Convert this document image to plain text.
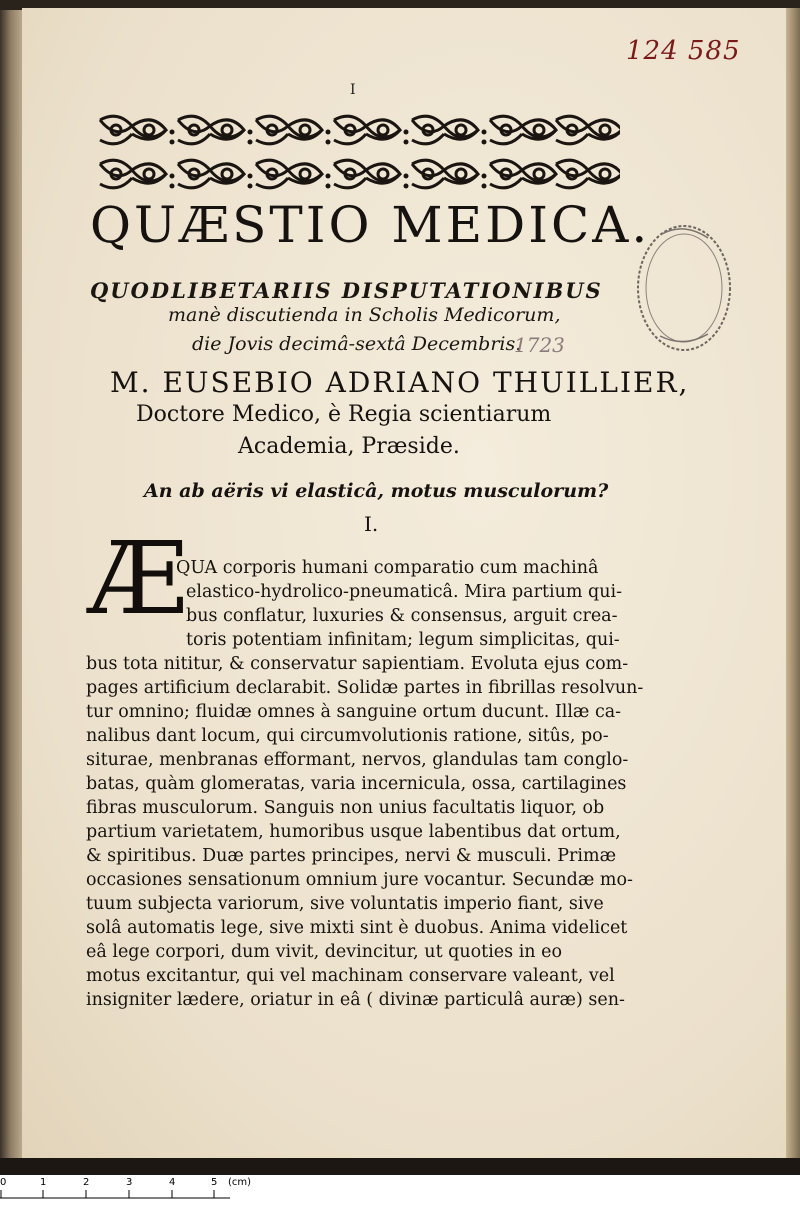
124 585
I
QUÆSTIO MEDICA.
QUODLIBETARIIS DISPUTATIONIBUS
manè discutienda in Scholis Medicorum,
die Jovis decimâ-sextâ Decembris.
1723
M. EUSEBIO ADRIANO THUILLIER,
Doctore Medico, è Regia scientiarum
Academia, Præside.
An ab aëris vi elasticâ, motus musculorum?
I.
Æ
QUA corporis humani comparatio cum machinâ
elastico-hydrolico-pneumaticâ. Mira partium qui-
bus conflatur, luxuries & consensus, arguit crea-
toris potentiam infinitam; legum simplicitas, qui-
bus tota nititur, & conservatur sapientiam. Evoluta ejus com-
pages artificium declarabit. Solidæ partes in fibrillas resolvun-
tur omnino; fluidæ omnes à sanguine ortum ducunt. Illæ ca-
nalibus dant locum, qui circumvolutionis ratione, sitûs, po-
siturae, menbranas efformant, nervos, glandulas tam conglo-
batas, quàm glomeratas, varia incernicula, ossa, cartilagines
fibras musculorum. Sanguis non unius facultatis liquor, ob
partium varietatem, humoribus usque labentibus dat ortum,
& spiritibus. Duæ partes principes, nervi & musculi. Primæ
occasiones sensationum omnium jure vocantur. Secundæ mo-
tuum subjecta variorum, sive voluntatis imperio fiant, sive
solâ automatis lege, sive mixti sint è duobus. Anima videlicet
eâ lege corpori, dum vivit, devincitur, ut quoties in eo
motus excitantur, qui vel machinam conservare valeant, vel
insigniter lædere, oriatur in eâ ( divinæ particulâ auræ) sen-
0	1	2	3	4	5 (cm)
